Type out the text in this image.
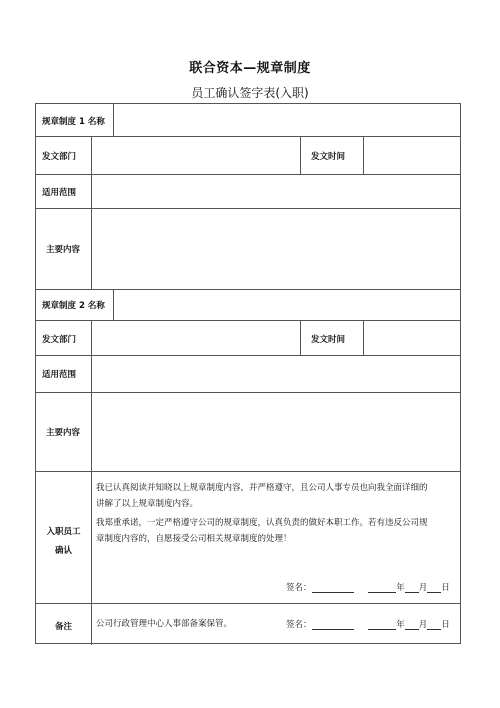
联合资本—规章制度
员工确认签字表(入职)
规章制度 1 名称
发文部门	发文时间
适用范围
主要内容
规章制度 2 名称
发文部门	发文时间
适用范围
主要内容
入职员工
确认
我已认真阅读并知晓以上规章制度内容，并严格遵守，且公司人事专员也向我全面详细的
讲解了以上规章制度内容。
我郑重承诺，一定严格遵守公司的规章制度，认真负责的做好本职工作。若有违反公司规
章制度内容的，自愿接受公司相关规章制度的处理！
签名：	年 月 日
备注	公司行政管理中心人事部备案保管。	签名：	年 月 日
